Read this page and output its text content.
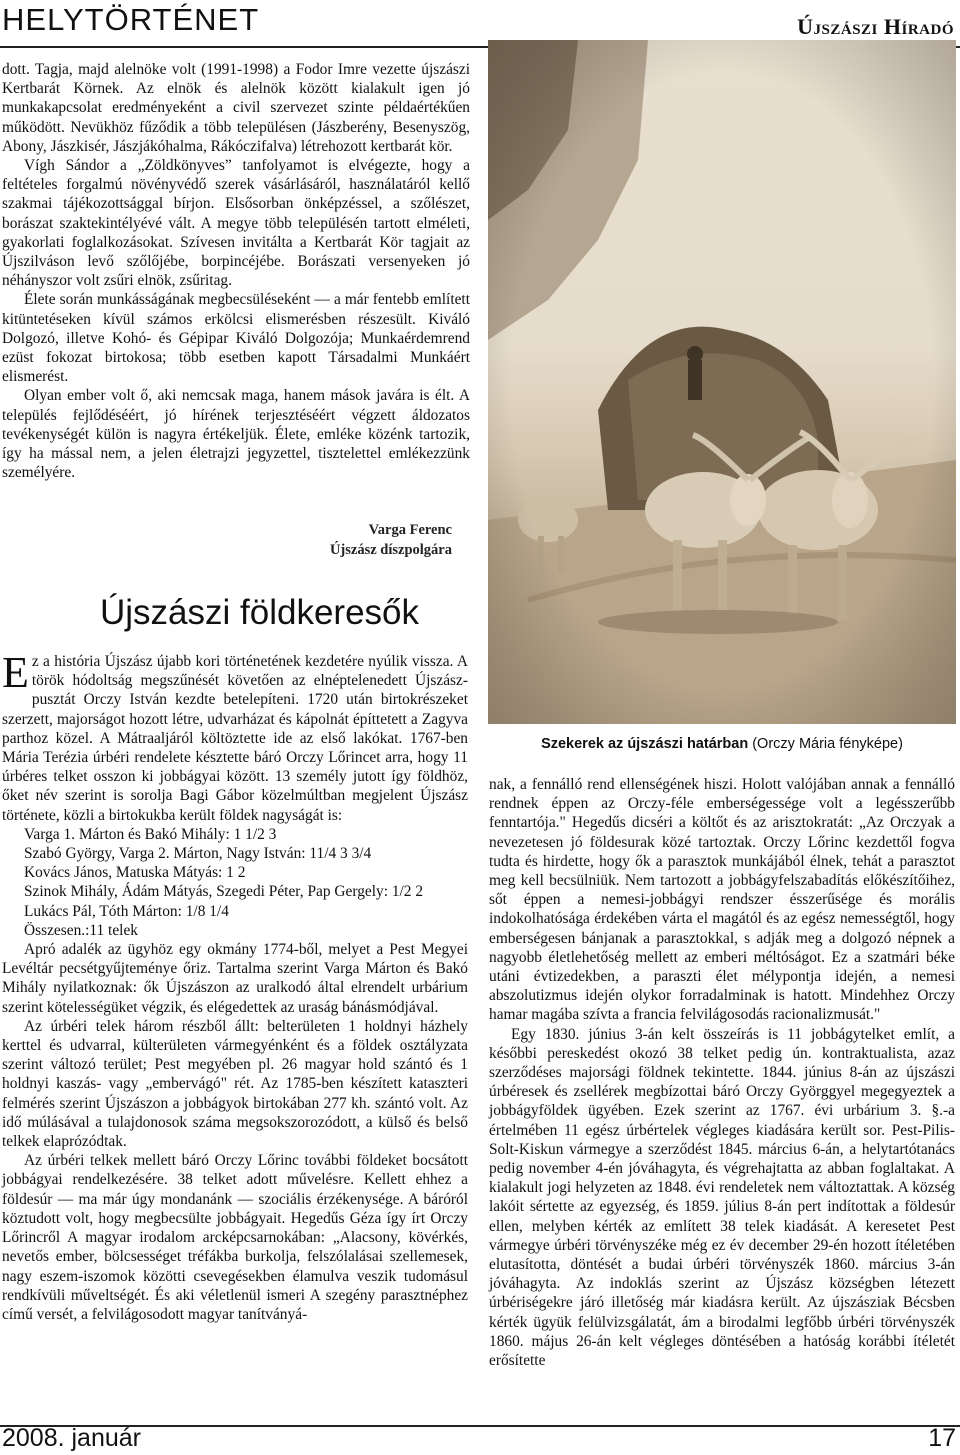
HELYTÖRTÉNET	Újszászi Híradó

dott. Tagja, majd alelnöke volt (1991-1998) a Fodor Imre vezette újszászi Kertbarát Körnek. Az elnök és alelnök között kialakult igen jó munkakapcsolat eredményeként a civil szervezet szinte példaértékűen működött. Nevükhöz fűződik a több településen (Jászberény, Besenyszög, Abony, Jászkisér, Jászjákóhalma, Rákóczifalva) létrehozott kertbarát kör.

Vígh Sándor a „Zöldkönyves” tanfolyamot is elvégezte, hogy a feltételes forgalmú növényvédő szerek vásárlásáról, használatáról kellő szakmai tájékozottsággal bírjon. Elsősorban önképzéssel, a szőlészet, borászat szaktekintélyévé vált. A megye több településén tartott elméleti, gyakorlati foglalkozásokat. Szívesen invitálta a Kertbarát Kör tagjait az Újszilváson levő szőlőjébe, borpincéjébe. Borászati versenyeken jó néhányszor volt zsűri elnök, zsűritag.

Élete során munkásságának megbecsüléseként — a már fentebb említett kitüntetéseken kívül számos erkölcsi elismerésben részesült. Kiváló Dolgozó, illetve Kohó- és Gépipar Kiváló Dolgozója; Munkaérdemrend ezüst fokozat birtokosa; több esetben kapott Társadalmi Munkáért elismerést.

Olyan ember volt ő, aki nemcsak maga, hanem mások javára is élt. A település fejlődéséért, jó hírének terjesztéséért végzett áldozatos tevékenységét külön is nagyra értékeljük. Élete, emléke közénk tartozik, így ha mással nem, a jelen életrajzi jegyzettel, tisztelettel emlékezzünk személyére.

Varga Ferenc
Újszász díszpolgára
Újszászi földkeresők

Ez a história Újszász újabb kori történetének kezdetére nyúlik vissza. A török hódoltság megszűnését követően az elnéptelenedett Újszász-pusztát Orczy István kezdte betelepíteni. 1720 után birtokrészeket szerzett, majorságot hozott létre, udvarházat és kápolnát építtetett a Zagyva parthoz közel. A Mátraaljáról költöztette ide az első lakókat. 1767-ben Mária Terézia úrbéri rendelete késztette báró Orczy Lőrincet arra, hogy 11 úrbéres telket osszon ki jobbágyai között. 13 személy jutott így földhöz, őket név szerint is sorolja Bagi Gábor közelmúltban megjelent Újszász története, közli a birtokukba került földek nagyságát is:

Varga 1. Márton és Bakó Mihály: 1 1/2 3

Szabó György, Varga 2. Márton, Nagy István: 11/4 3 3/4

Kovács János, Matuska Mátyás: 1 2

Szinok Mihály, Ádám Mátyás, Szegedi Péter, Pap Gergely: 1/2 2

Lukács Pál, Tóth Márton: 1/8 1/4

Összesen.:11 telek

Apró adalék az ügyhöz egy okmány 1774-ből, melyet a Pest Megyei Levéltár pecsétgyűjteménye őriz. Tartalma szerint Varga Márton és Bakó Mihály nyilatkoznak: ők Újszászon az uralkodó által elrendelt urbárium szerint kötelességüket végzik, és elégedettek az uraság bánásmódjával.

Az úrbéri telek három részből állt: belterületen 1 holdnyi házhely kerttel és udvarral, külterületen vármegyénként és a földek osztályzata szerint változó terület; Pest megyében pl. 26 magyar hold szántó és 1 holdnyi kaszás- vagy „embervágó" rét. Az 1785-ben készített kataszteri felmérés szerint Újszászon a jobbágyok birtokában 277 kh. szántó volt. Az idő múlásával a tulajdonosok száma megsokszorozódott, a külső és belső telkek elaprózódtak.

Az úrbéri telkek mellett báró Orczy Lőrinc további földeket bocsátott jobbágyai rendelkezésére. 38 telket adott művelésre. Kellett ehhez a földesúr — ma már úgy mondanánk — szociális érzékenysége. A báróról köztudott volt, hogy megbecsülte jobbágyait. Hegedűs Géza így írt Orczy Lőrincről A magyar irodalom arcképcsarnokában: „Alacsony, kövérkés, nevetős ember, bölcsességet tréfákba burkolja, felszólalásai szellemesek, nagy eszem-iszomok közötti csevegésekben élamulva veszik tudomásul rendkívüli műveltségét. És aki véletlenül ismeri A szegény parasztnéphez című versét, a felvilágosodott magyar tanítványá-

Szekerek az újszászi határban (Orczy Mária fényképe)

nak, a fennálló rend ellenségének hiszi. Holott valójában annak a fennálló rendnek éppen az Orczy-féle emberségessége volt a legésszerűbb fenntartója." Hegedűs dicséri a költőt és az arisztokratát: „Az Orczyak a nevezetesen jó földesurak közé tartoztak. Orczy Lőrinc kezdettől fogva tudta és hirdette, hogy ők a parasztok munkájából élnek, tehát a parasztot meg kell becsülniük. Nem tartozott a jobbágyfelszabadítás előkészítőihez, sőt éppen a nemesi-jobbágyi rendszer ésszerűsége és morális indokolhatósága érdekében várta el magától és az egész nemességtől, hogy emberségesen bánjanak a parasztokkal, s adják meg a dolgozó népnek a nagyobb életlehetőség mellett az emberi méltóságot. Ez a szatmári béke utáni évtizedekben, a paraszti élet mélypontja idején, a nemesi abszolutizmus idején olykor forradalminak is hatott. Mindehhez Orczy hamar magába szívta a francia felvilágosodás racionalizmusát."

Egy 1830. június 3-án kelt összeírás is 11 jobbágytelket említ, a későbbi pereskedést okozó 38 telket pedig ún. kontraktualista, azaz szerződéses majorsági földnek tekintette. 1844. június 8-án az újszászi úrbéresek és zsellérek megbízottai báró Orczy Györggyel megegyeztek a jobbágyföldek ügyében. Ezek szerint az 1767. évi urbárium 3. §.-a értelmében 11 egész úrbértelek végleges kiadására került sor. Pest-Pilis-Solt-Kiskun vármegye a szerződést 1845. március 6-án, a helytartótanács pedig november 4-én jóváhagyta, és végrehajtatta az abban foglaltakat. A kialakult jogi helyzeten az 1848. évi rendeletek nem változtattak. A község lakóit sértette az egyezség, és 1859. július 8-án pert indítottak a földesúr ellen, melyben kérték az említett 38 telek kiadását. A keresetet Pest vármegye úrbéri törvényszéke még ez év december 29-én hozott ítéletében elutasította, döntését a budai úrbéri törvényszék 1860. március 3-án jóváhagyta. Az indoklás szerint az Újszász községben létezett úrbériségekre járó illetőség már kiadásra került. Az újszásziak Bécsben kérték ügyük felülvizsgálatát, ám a birodalmi legfőbb úrbéri törvényszék 1860. május 26-án kelt végleges döntésében a hatóság korábbi ítéletét erősítette

2008. január	17
